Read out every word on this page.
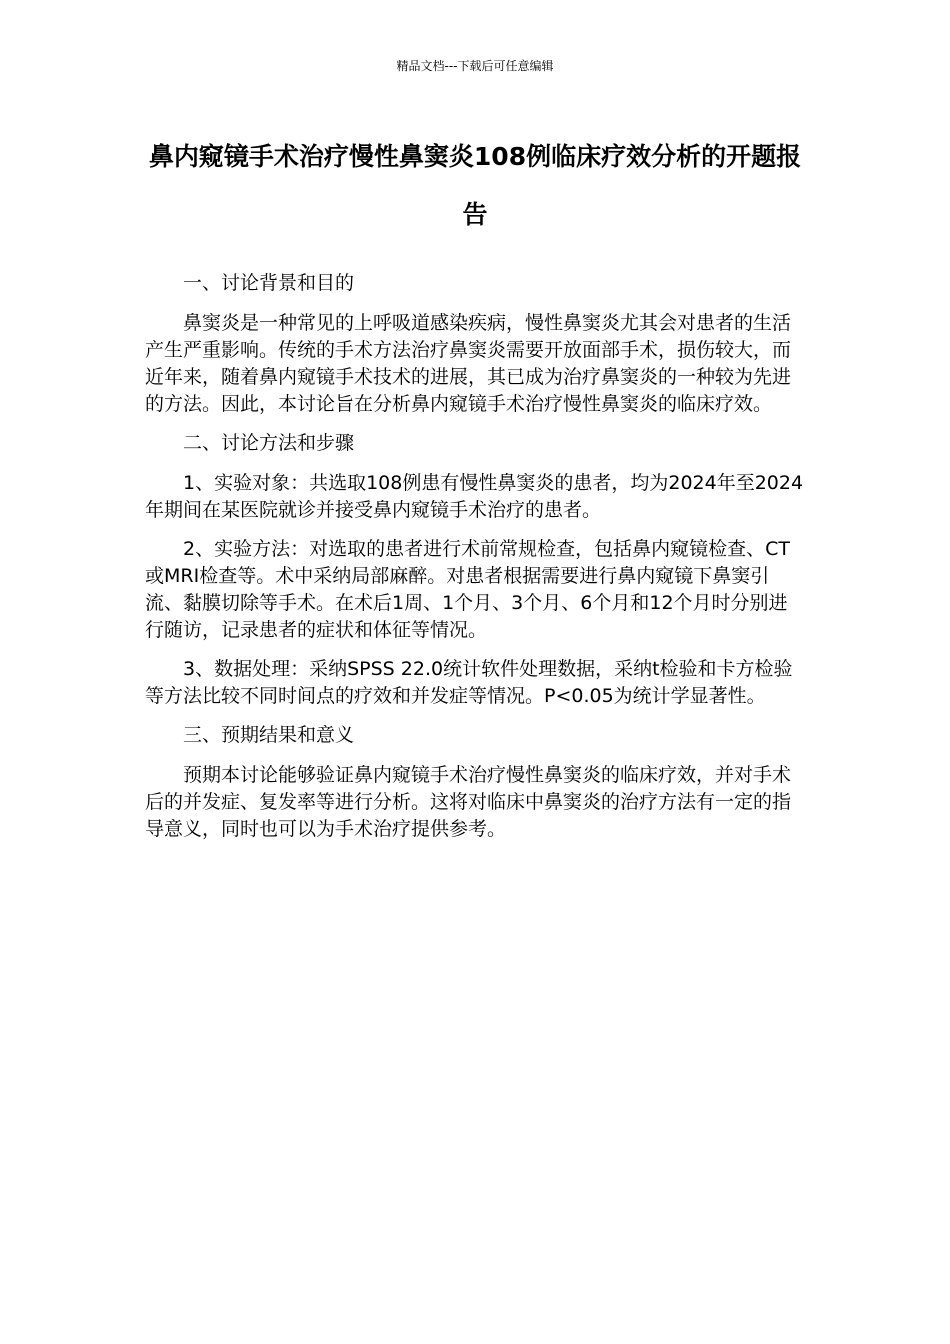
精品文档---下载后可任意编辑
鼻内窥镜手术治疗慢性鼻窦炎108例临床疗效分析的开题报告

一、讨论背景和目的

鼻窦炎是一种常见的上呼吸道感染疾病，慢性鼻窦炎尤其会对患者的生活产生严重影响。传统的手术方法治疗鼻窦炎需要开放面部手术，损伤较大，而近年来，随着鼻内窥镜手术技术的进展，其已成为治疗鼻窦炎的一种较为先进的方法。因此，本讨论旨在分析鼻内窥镜手术治疗慢性鼻窦炎的临床疗效。

二、讨论方法和步骤

1、实验对象：共选取108例患有慢性鼻窦炎的患者，均为2024年至2024年期间在某医院就诊并接受鼻内窥镜手术治疗的患者。

2、实验方法：对选取的患者进行术前常规检查，包括鼻内窥镜检查、CT或MRI检查等。术中采纳局部麻醉。对患者根据需要进行鼻内窥镜下鼻窦引流、黏膜切除等手术。在术后1周、1个月、3个月、6个月和12个月时分别进行随访，记录患者的症状和体征等情况。

3、数据处理：采纳SPSS 22.0统计软件处理数据，采纳t检验和卡方检验等方法比较不同时间点的疗效和并发症等情况。P<0.05为统计学显著性。

三、预期结果和意义

预期本讨论能够验证鼻内窥镜手术治疗慢性鼻窦炎的临床疗效，并对手术后的并发症、复发率等进行分析。这将对临床中鼻窦炎的治疗方法有一定的指导意义，同时也可以为手术治疗提供参考。
